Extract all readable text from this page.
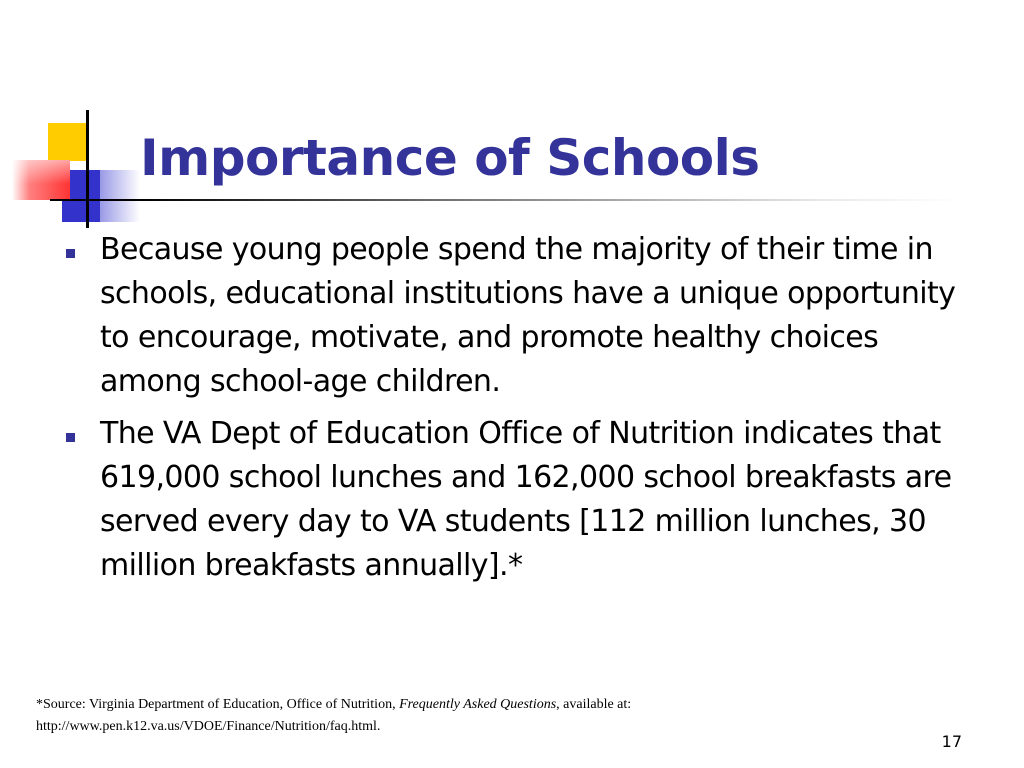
Importance of Schools
Because young people spend the majority of their time in schools, educational institutions have a unique opportunity to encourage, motivate, and promote healthy choices among school-age children.
The VA Dept of Education Office of Nutrition indicates that 619,000 school lunches and 162,000 school breakfasts are served every day to VA students [112 million lunches, 30 million breakfasts annually].*
*Source: Virginia Department of Education, Office of Nutrition, Frequently Asked Questions, available at: http://www.pen.k12.va.us/VDOE/Finance/Nutrition/faq.html.
17
